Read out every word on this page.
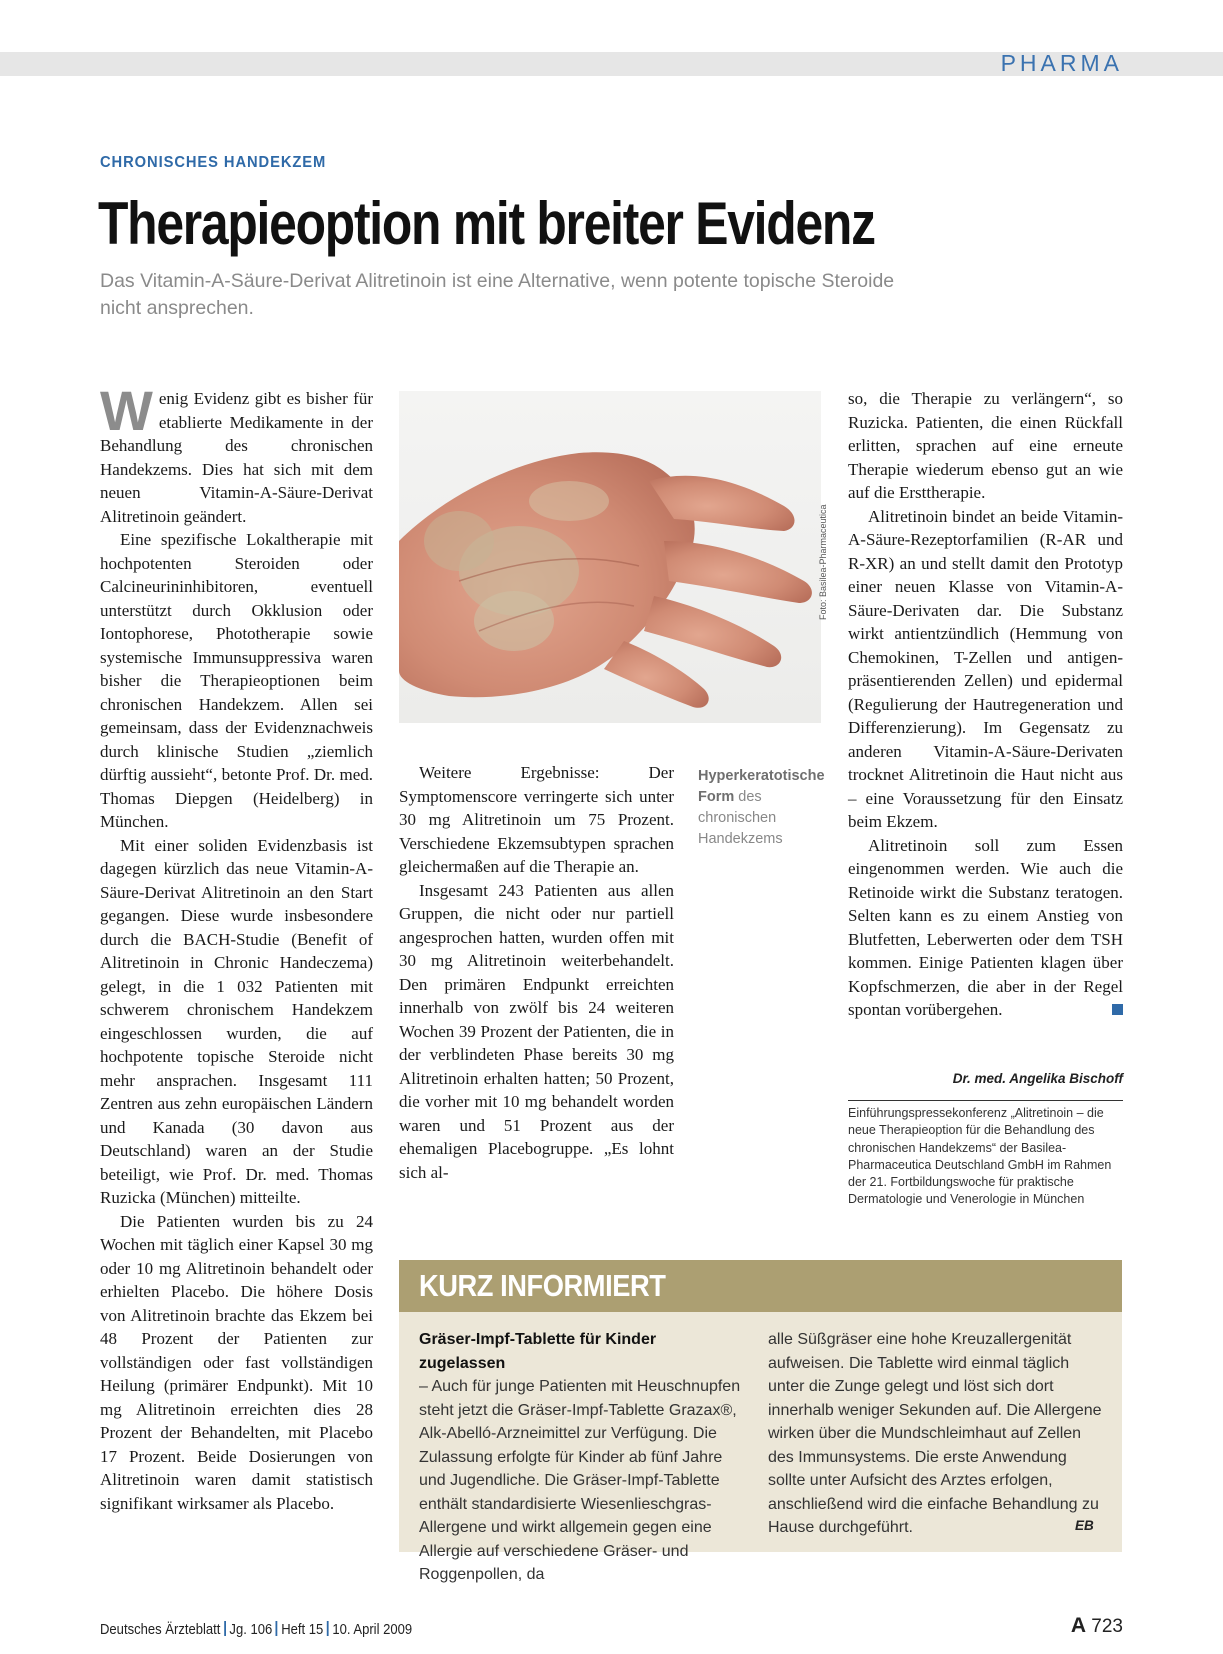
PHARMA
CHRONISCHES HANDEKZEM
Therapieoption mit breiter Evidenz
Das Vitamin-A-Säure-Derivat Alitretinoin ist eine Alternative, wenn potente topische Steroide nicht ansprechen.

Wenig Evidenz gibt es bisher für etablierte Medikamente in der Behandlung des chronischen Handekzems. Dies hat sich mit dem neuen Vitamin-A-Säure-Derivat Alitretinoin geändert.

Eine spezifische Lokaltherapie mit hochpotenten Steroiden oder Calcineurininhibitoren, eventuell unterstützt durch Okklusion oder Iontophorese, Phototherapie sowie systemische Immunsuppressiva waren bisher die Therapieoptionen beim chronischen Handekzem. Allen sei gemeinsam, dass der Evidenznachweis durch klinische Studien „ziemlich dürftig aussieht“, betonte Prof. Dr. med. Thomas Diepgen (Heidelberg) in München.

Mit einer soliden Evidenzbasis ist dagegen kürzlich das neue Vitamin-A-Säure-Derivat Alitretinoin an den Start gegangen. Diese wurde insbesondere durch die BACH-Studie (Benefit of Alitretinoin in Chronic Handeczema) gelegt, in die 1 032 Patienten mit schwerem chronischem Handekzem eingeschlossen wurden, die auf hochpotente topische Steroide nicht mehr ansprachen. Insgesamt 111 Zentren aus zehn europäischen Ländern und Kanada (30 davon aus Deutschland) waren an der Studie beteiligt, wie Prof. Dr. med. Thomas Ruzicka (München) mitteilte.

Die Patienten wurden bis zu 24 Wochen mit täglich einer Kapsel 30 mg oder 10 mg Alitretinoin behandelt oder erhielten Placebo. Die höhere Dosis von Alitretinoin brachte das Ekzem bei 48 Prozent der Patienten zur vollständigen oder fast vollständigen Heilung (primärer Endpunkt). Mit 10 mg Alitretinoin erreichten dies 28 Prozent der Behandelten, mit Placebo 17 Prozent. Beide Dosierungen von Alitretinoin waren damit statistisch signifikant wirksamer als Placebo.

Foto: Basilea-Pharmaceutica

Weitere Ergebnisse: Der Symptomenscore verringerte sich unter 30 mg Alitretinoin um 75 Prozent. Verschiedene Ekzemsubtypen sprachen gleichermaßen auf die Therapie an.

Insgesamt 243 Patienten aus allen Gruppen, die nicht oder nur partiell angesprochen hatten, wurden offen mit 30 mg Alitretinoin weiterbehandelt. Den primären Endpunkt erreichten innerhalb von zwölf bis 24 weiteren Wochen 39 Prozent der Patienten, die in der verblindeten Phase bereits 30 mg Alitretinoin erhalten hatten; 50 Prozent, die vorher mit 10 mg behandelt worden waren und 51 Prozent aus der ehemaligen Placebogruppe. „Es lohnt sich al-

Hyperkeratotische Form des chronischen Handekzems

so, die Therapie zu verlängern“, so Ruzicka. Patienten, die einen Rückfall erlitten, sprachen auf eine erneute Therapie wiederum ebenso gut an wie auf die Ersttherapie.

Alitretinoin bindet an beide Vitamin-A-Säure-Rezeptorfamilien (R-AR und R-XR) an und stellt damit den Prototyp einer neuen Klasse von Vitamin-A-Säure-Derivaten dar. Die Substanz wirkt antientzündlich (Hemmung von Chemokinen, T-Zellen und antigen-präsentierenden Zellen) und epidermal (Regulierung der Hautregeneration und Differenzierung). Im Gegensatz zu anderen Vitamin-A-Säure-Derivaten trocknet Alitretinoin die Haut nicht aus – eine Voraussetzung für den Einsatz beim Ekzem.

Alitretinoin soll zum Essen eingenommen werden. Wie auch die Retinoide wirkt die Substanz teratogen. Selten kann es zu einem Anstieg von Blutfetten, Leberwerten oder dem TSH kommen. Einige Patienten klagen über Kopfschmerzen, die aber in der Regel spontan vorübergehen.

Dr. med. Angelika Bischoff
Einführungspressekonferenz „Alitretinoin – die neue Therapieoption für die Behandlung des chronischen Handekzems“ der Basilea-Pharmaceutica Deutschland GmbH im Rahmen der 21. Fortbildungswoche für praktische Dermatologie und Venerologie in München
KURZ INFORMIERT
Gräser-Impf-Tablette für Kinder zugelassen
– Auch für junge Patienten mit Heuschnupfen steht jetzt die Gräser-Impf-Tablette Grazax®, Alk-Abelló-Arzneimittel zur Verfügung. Die Zulassung erfolgte für Kinder ab fünf Jahre und Jugendliche. Die Gräser-Impf-Tablette enthält standardisierte Wiesenlieschgras-Allergene und wirkt allgemein gegen eine Allergie auf verschiedene Gräser- und Roggenpollen, da
alle Süßgräser eine hohe Kreuzallergenität aufweisen. Die Tablette wird einmal täglich unter die Zunge gelegt und löst sich dort innerhalb weniger Sekunden auf. Die Allergene wirken über die Mundschleimhaut auf Zellen des Immunsystems. Die erste Anwendung sollte unter Aufsicht des Arztes erfolgen, anschließend wird die einfache Behandlung zu Hause durchgeführt.	EB
Deutsches Ärzteblatt Jg. 106 Heft 15 10. April 2009	A 723
